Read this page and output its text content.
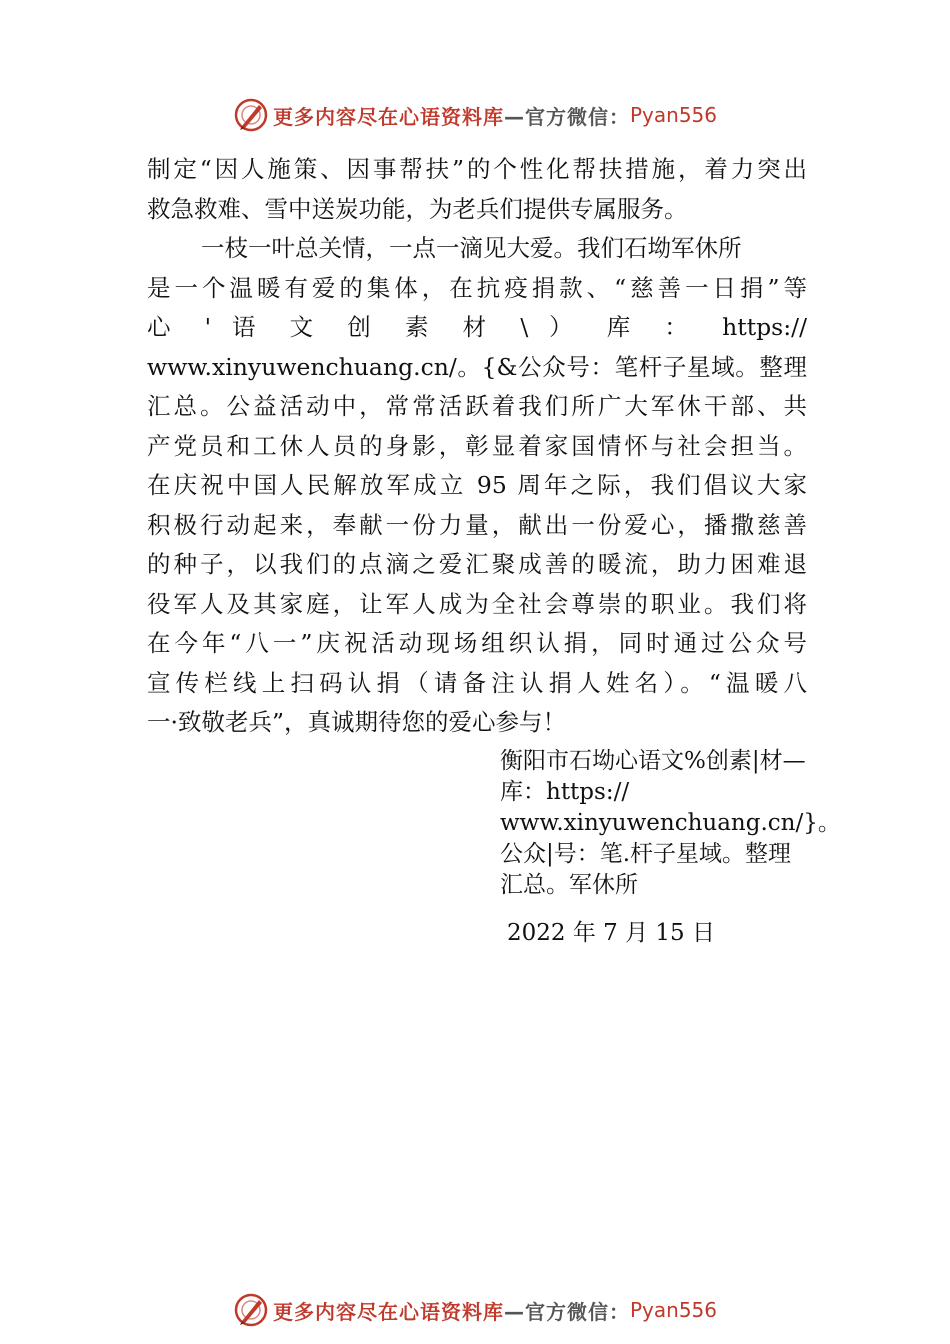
更多内容尽在心语资料库 —官方微信： Pyan556
制定“因人施策、因事帮扶”的个性化帮扶措施，着力突出
救急救难、雪中送炭功能，为老兵们提供专属服务。
一枝一叶总关情，一点一滴见大爱。我们石坳军休所
是一个温暖有爱的集体，在抗疫捐款、“慈善一日捐”等
心 ' 语 文 创 素 材 \ ） 库 ： https://
www.xinyuwenchuang.cn/。{&公众号：笔杆子星域。整理
汇总。公益活动中，常常活跃着我们所广大军休干部、共
产党员和工休人员的身影，彰显着家国情怀与社会担当。
在庆祝中国人民解放军成立 95 周年之际，我们倡议大家
积极行动起来，奉献一份力量，献出一份爱心，播撒慈善
的种子，以我们的点滴之爱汇聚成善的暖流，助力困难退
役军人及其家庭，让军人成为全社会尊崇的职业。我们将
在今年“八一”庆祝活动现场组织认捐，同时通过公众号
宣传栏线上扫码认捐（请备注认捐人姓名）。“温暖八
一·致敬老兵”，真诚期待您的爱心参与！
衡阳市石坳心语文%创素|材—
库：https://
www.xinyuwenchuang.cn/}。
公众|号：笔.杆子星域。整理
汇总。军休所
2022 年 7 月 15 日
更多内容尽在心语资料库 —官方微信： Pyan556
